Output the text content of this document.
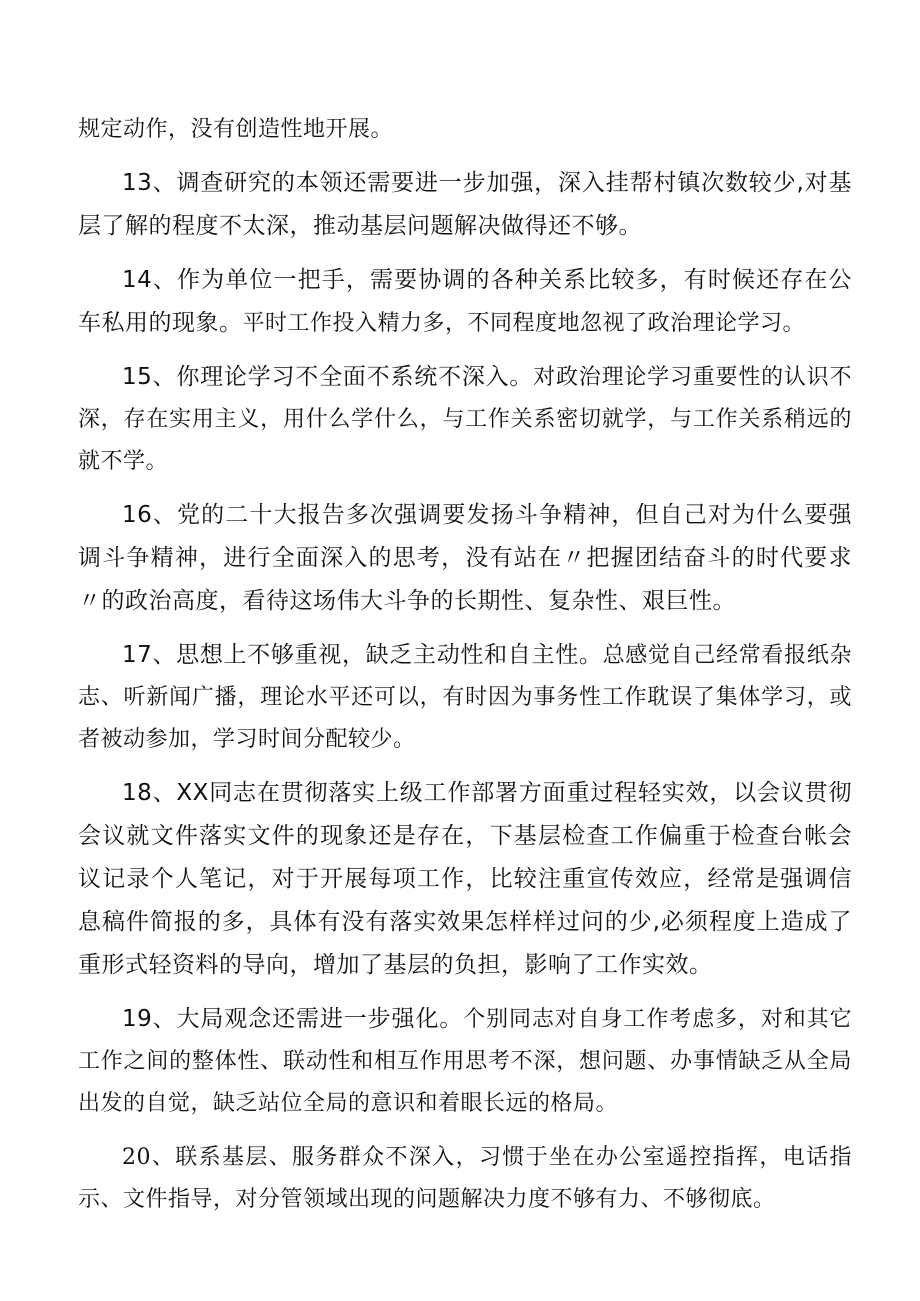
规定动作，没有创造性地开展。

13、调查研究的本领还需要进一步加强，深入挂帮村镇次数较少,对基层了解的程度不太深，推动基层问题解决做得还不够。

14、作为单位一把手，需要协调的各种关系比较多，有时候还存在公车私用的现象。平时工作投入精力多，不同程度地忽视了政治理论学习。

15、你理论学习不全面不系统不深入。对政治理论学习重要性的认识不深，存在实用主义，用什么学什么，与工作关系密切就学，与工作关系稍远的就不学。

16、党的二十大报告多次强调要发扬斗争精神，但自己对为什么要强调斗争精神，进行全面深入的思考，没有站在〃把握团结奋斗的时代要求〃的政治高度，看待这场伟大斗争的长期性、复杂性、艰巨性。

17、思想上不够重视，缺乏主动性和自主性。总感觉自己经常看报纸杂志、听新闻广播，理论水平还可以，有时因为事务性工作耽误了集体学习，或者被动参加，学习时间分配较少。

18、XX同志在贯彻落实上级工作部署方面重过程轻实效，以会议贯彻会议就文件落实文件的现象还是存在，下基层检查工作偏重于检查台帐会议记录个人笔记，对于开展每项工作，比较注重宣传效应，经常是强调信息稿件简报的多，具体有没有落实效果怎样样过问的少,必须程度上造成了重形式轻资料的导向，增加了基层的负担，影响了工作实效。

19、大局观念还需进一步强化。个别同志对自身工作考虑多，对和其它工作之间的整体性、联动性和相互作用思考不深，想问题、办事情缺乏从全局出发的自觉，缺乏站位全局的意识和着眼长远的格局。

20、联系基层、服务群众不深入，习惯于坐在办公室遥控指挥，电话指示、文件指导，对分管领域出现的问题解决力度不够有力、不够彻底。
